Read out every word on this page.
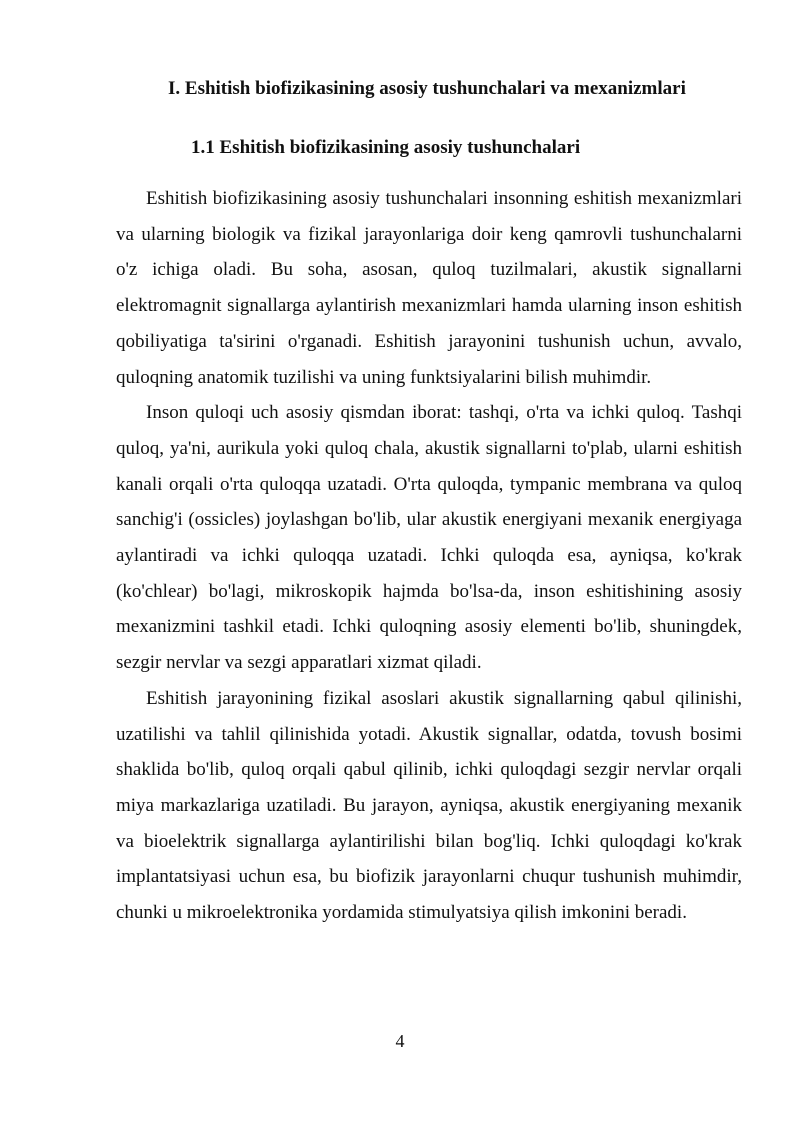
I. Eshitish biofizikasining asosiy tushunchalari va mexanizmlari
1.1 Eshitish biofizikasining asosiy tushunchalari

Eshitish biofizikasining asosiy tushunchalari insonning eshitish mexanizmlari va ularning biologik va fizikal jarayonlariga doir keng qamrovli tushunchalarni o'z ichiga oladi. Bu soha, asosan, quloq tuzilmalari, akustik signallarni elektromagnit signallarga aylantirish mexanizmlari hamda ularning inson eshitish qobiliyatiga ta'sirini o'rganadi. Eshitish jarayonini tushunish uchun, avvalo, quloqning anatomik tuzilishi va uning funktsiyalarini bilish muhimdir.

Inson quloqi uch asosiy qismdan iborat: tashqi, o'rta va ichki quloq. Tashqi quloq, ya'ni, aurikula yoki quloq chala, akustik signallarni to'plab, ularni eshitish kanali orqali o'rta quloqqa uzatadi. O'rta quloqda, tympanic membrana va quloq sanchig'i (ossicles) joylashgan bo'lib, ular akustik energiyani mexanik energiyaga aylantiradi va ichki quloqqa uzatadi. Ichki quloqda esa, ayniqsa, ko'krak (ko'chlear) bo'lagi, mikroskopik hajmda bo'lsa-da, inson eshitishining asosiy mexanizmini tashkil etadi. Ichki quloqning asosiy elementi bo'lib, shuningdek, sezgir nervlar va sezgi apparatlari xizmat qiladi.

Eshitish jarayonining fizikal asoslari akustik signallarning qabul qilinishi, uzatilishi va tahlil qilinishida yotadi. Akustik signallar, odatda, tovush bosimi shaklida bo'lib, quloq orqali qabul qilinib, ichki quloqdagi sezgir nervlar orqali miya markazlariga uzatiladi. Bu jarayon, ayniqsa, akustik energiyaning mexanik va bioelektrik signallarga aylantirilishi bilan bog'liq. Ichki quloqdagi ko'krak implantatsiyasi uchun esa, bu biofizik jarayonlarni chuqur tushunish muhimdir, chunki u mikroelektronika yordamida stimulyatsiya qilish imkonini beradi.

4
